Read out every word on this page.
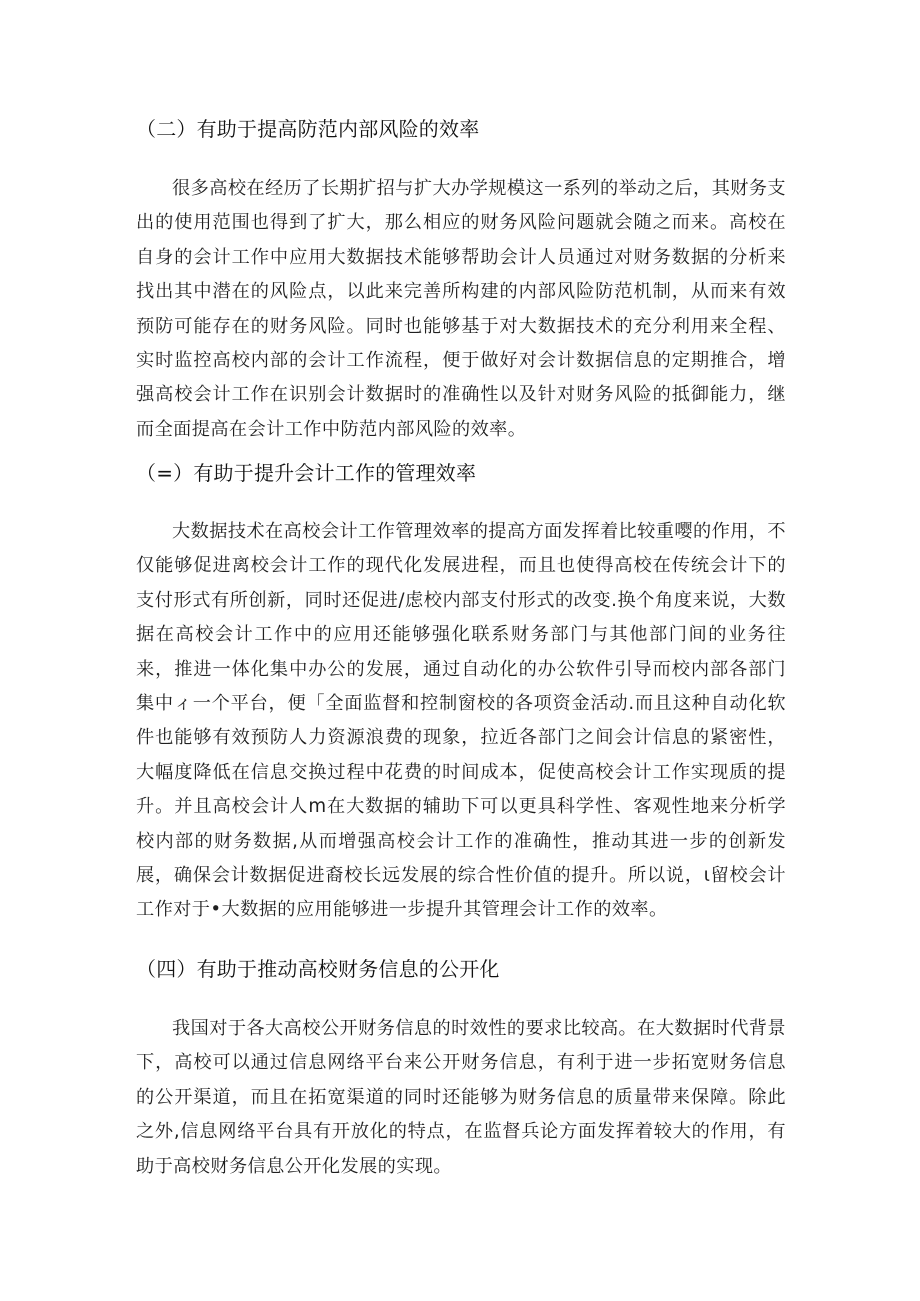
（二）有助于提高防范内部风险的效率

很多高校在经历了长期扩招与扩大办学规模这一系列的举动之后，其财务支出的使用范围也得到了扩大，那么相应的财务风险问题就会随之而来。高校在自身的会计工作中应用大数据技术能够帮助会计人员通过对财务数据的分析来找出其中潜在的风险点，以此来完善所构建的内部风险防范机制，从而来有效预防可能存在的财务风险。同时也能够基于对大数据技术的充分利用来全程、实时监控高校内部的会计工作流程，便于做好对会计数据信息的定期推合，增强高校会计工作在识别会计数据时的准确性以及针对财务风险的抵御能力，继而全面提高在会计工作中防范内部风险的效率。

（=）有助于提升会计工作的管理效率

大数据技术在高校会计工作管理效率的提高方面发挥着比较重嘤的作用，不仅能够促进离校会计工作的现代化发展进程，而且也使得高校在传统会计下的支付形式有所创新，同时还促进/虑校内部支付形式的改变.换个角度来说，大数据在高校会计工作中的应用还能够强化联系财务部门与其他部门间的业务往来，推进一体化集中办公的发展，通过自动化的办公软件引导而校内部各部门集中ィ一个平台，便「全面监督和控制窗校的各项资金活动.而且这种自动化软件也能够有效预防人力资源浪费的现象，拉近各部门之间会计信息的紧密性，大幅度降低在信息交换过程中花费的时间成本，促使高校会计工作实现质的提升。并且高校会计人m在大数据的辅助下可以更具科学性、客观性地来分析学校内部的财务数据,从而增强高校会计工作的准确性，推动其进一步的创新发展，确保会计数据促进裔校长远发展的综合性价值的提升。所以说，ι留校会计工作对于•大数据的应用能够进一步提升其管理会计工作的效率。

（四）有助于推动高校财务信息的公开化

我国对于各大高校公开财务信息的时效性的要求比较高。在大数据时代背景下，高校可以通过信息网络平台来公开财务信息，有利于进一步拓宽财务信息的公开渠道，而且在拓宽渠道的同时还能够为财务信息的质量带来保障。除此之外,信息网络平台具有开放化的特点，在监督兵论方面发挥着较大的作用，有助于高校财务信息公开化发展的实现。
